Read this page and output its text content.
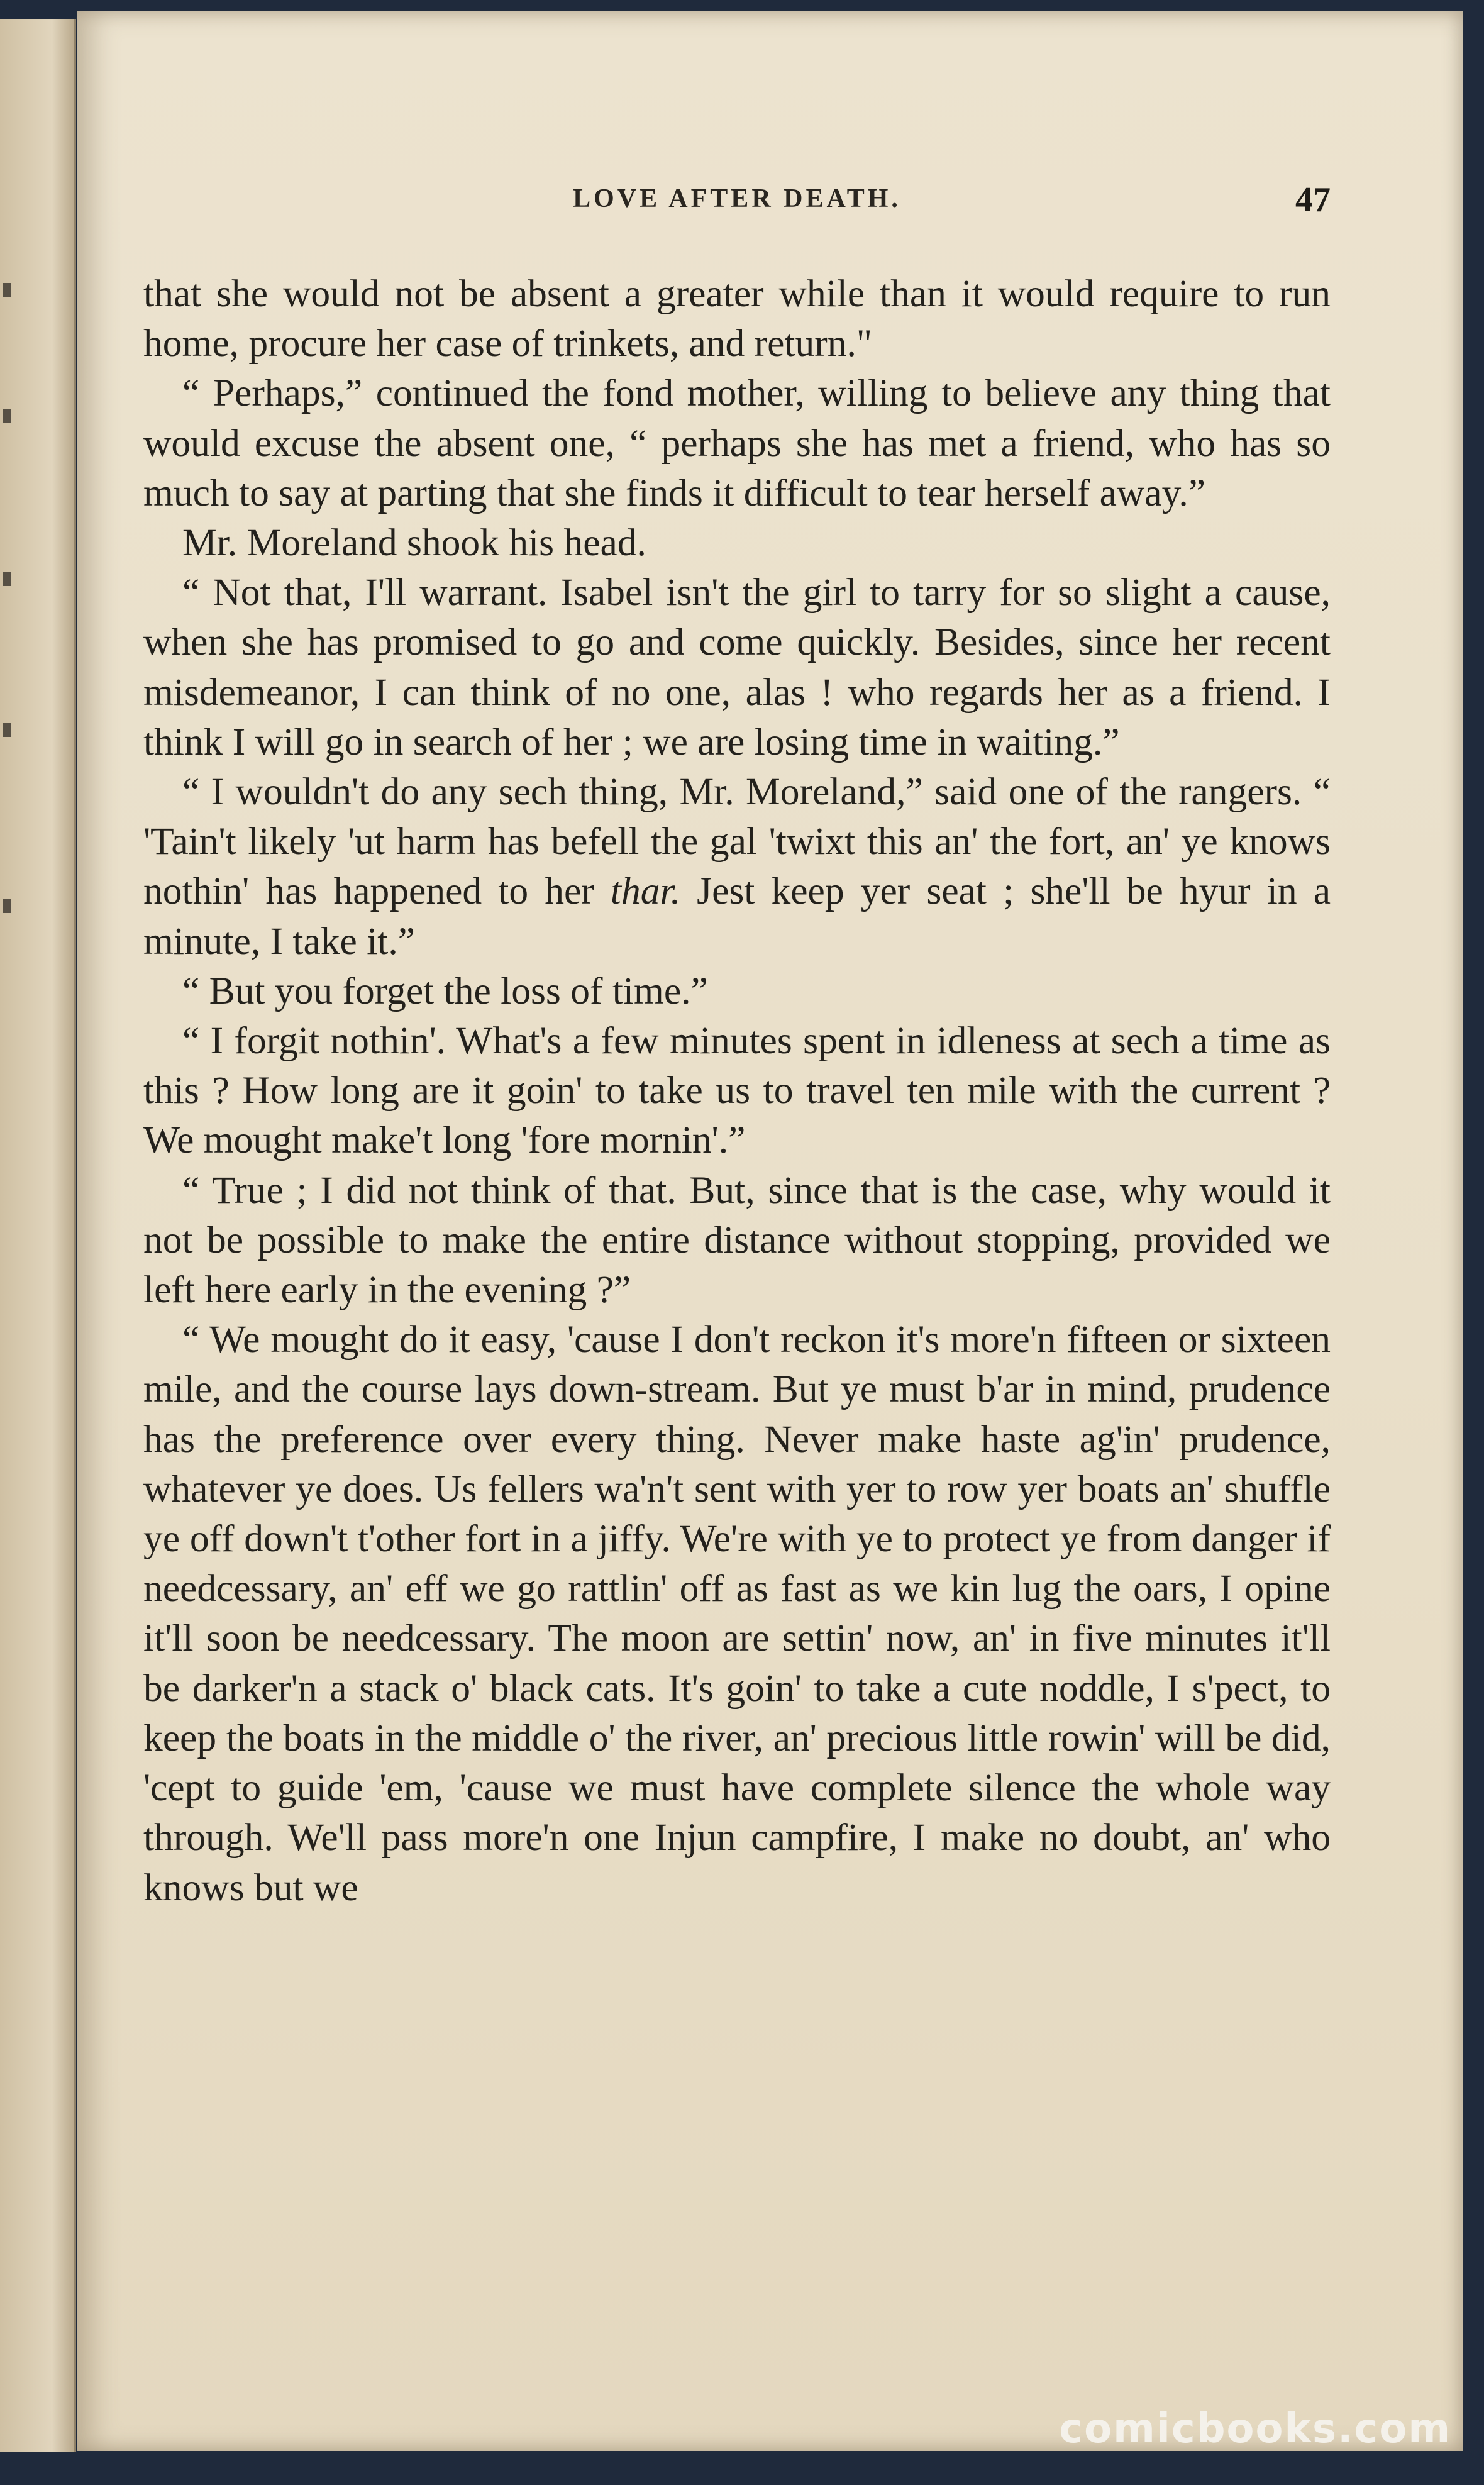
LOVE AFTER DEATH.	47

that she would not be absent a greater while than it would require to run home, procure her case of trinkets, and return."

“ Perhaps,” continued the fond mother, willing to believe any thing that would excuse the absent one, “ perhaps she has met a friend, who has so much to say at parting that she finds it difficult to tear herself away.”

Mr. Moreland shook his head.

“ Not that, I'll warrant. Isabel isn't the girl to tarry for so slight a cause, when she has promised to go and come quickly. Besides, since her recent misdemeanor, I can think of no one, alas ! who regards her as a friend. I think I will go in search of her ; we are losing time in waiting.”

“ I wouldn't do any sech thing, Mr. Moreland,” said one of the rangers. “ 'Tain't likely 'ut harm has befell the gal 'twixt this an' the fort, an' ye knows nothin' has happened to her thar. Jest keep yer seat ; she'll be hyur in a minute, I take it.”

“ But you forget the loss of time.”

“ I forgit nothin'. What's a few minutes spent in idleness at sech a time as this ? How long are it goin' to take us to travel ten mile with the current ? We mought make't long 'fore mornin'.”

“ True ; I did not think of that. But, since that is the case, why would it not be possible to make the entire distance without stopping, provided we left here early in the evening ?”

“ We mought do it easy, 'cause I don't reckon it's more'n fifteen or sixteen mile, and the course lays down-stream. But ye must b'ar in mind, prudence has the preference over every thing. Never make haste ag'in' prudence, whatever ye does. Us fellers wa'n't sent with yer to row yer boats an' shuffle ye off down't t'other fort in a jiffy. We're with ye to protect ye from danger if needcessary, an' eff we go rattlin' off as fast as we kin lug the oars, I opine it'll soon be needcessary. The moon are settin' now, an' in five minutes it'll be darker'n a stack o' black cats. It's goin' to take a cute noddle, I s'pect, to keep the boats in the middle o' the river, an' precious little rowin' will be did, 'cept to guide 'em, 'cause we must have complete silence the whole way through. We'll pass more'n one Injun campfire, I make no doubt, an' who knows but we

comicbooks.com
